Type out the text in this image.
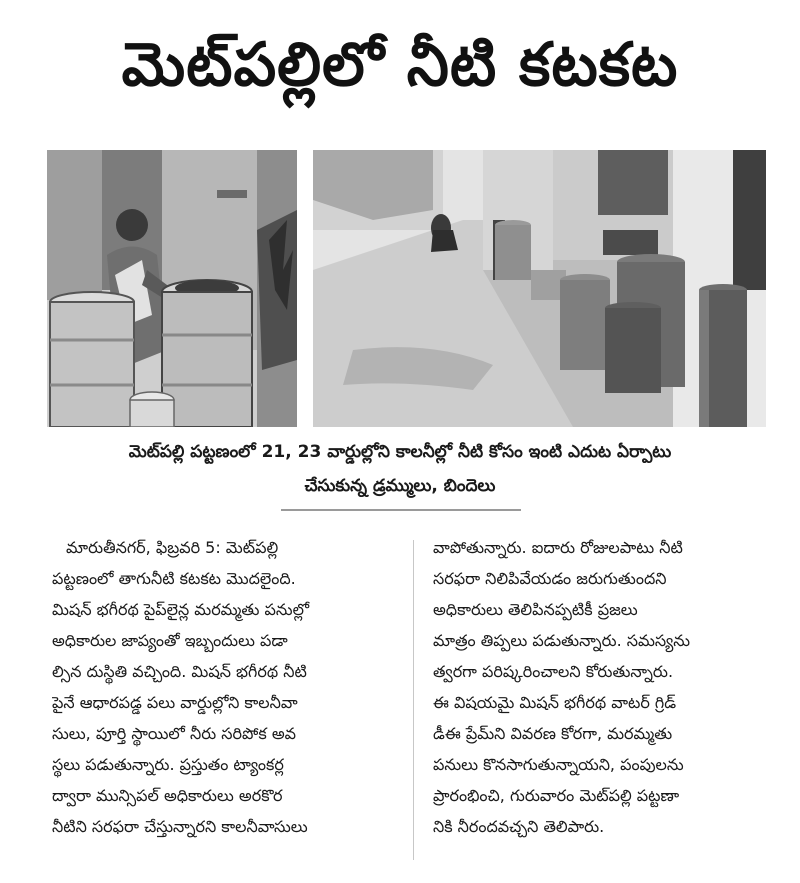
మెట్‌పల్లిలో నీటి కటకట
మెట్‌పల్లి పట్టణంలో 21, 23 వార్డుల్లోని కాలనీల్లో నీటి కోసం ఇంటి ఎదుట ఏర్పాటు
చేసుకున్న డ్రమ్ములు, బిందెలు
మారుతీనగర్, ఫిబ్రవరి 5: మెట్‌పల్లి
పట్టణంలో తాగునీటి కటకట మొదలైంది.
మిషన్ భగీరథ పైప్‌లైన్ల మరమ్మతు పనుల్లో
అధికారుల జాప్యంతో ఇబ్బందులు పడా
ల్సిన దుస్థితి వచ్చింది. మిషన్ భగీరథ నీటి
పైనే ఆధారపడ్డ పలు వార్డుల్లోని కాలనీవా
సులు, పూర్తి స్థాయిలో నీరు సరిపోక అవ
స్థలు పడుతున్నారు. ప్రస్తుతం ట్యాంకర్ల
ద్వారా మున్సిపల్ అధికారులు అరకొర
నీటిని సరఫరా చేస్తున్నారని కాలనీవాసులు
వాపోతున్నారు. ఐదారు రోజులపాటు నీటి
సరఫరా నిలిపివేయడం జరుగుతుందని
అధికారులు తెలిపినప్పటికీ ప్రజలు
మాత్రం తిప్పలు పడుతున్నారు. సమస్యను
త్వరగా పరిష్కరించాలని కోరుతున్నారు.
ఈ విషయమై మిషన్ భగీరథ వాటర్ గ్రిడ్
డీఈ ప్రేమ్‌ని వివరణ కోరగా, మరమ్మతు
పనులు కొనసాగుతున్నాయని, పంపులను
ప్రారంభించి, గురువారం మెట్‌పల్లి పట్టణా
నికి నీరందవచ్చని తెలిపారు.
